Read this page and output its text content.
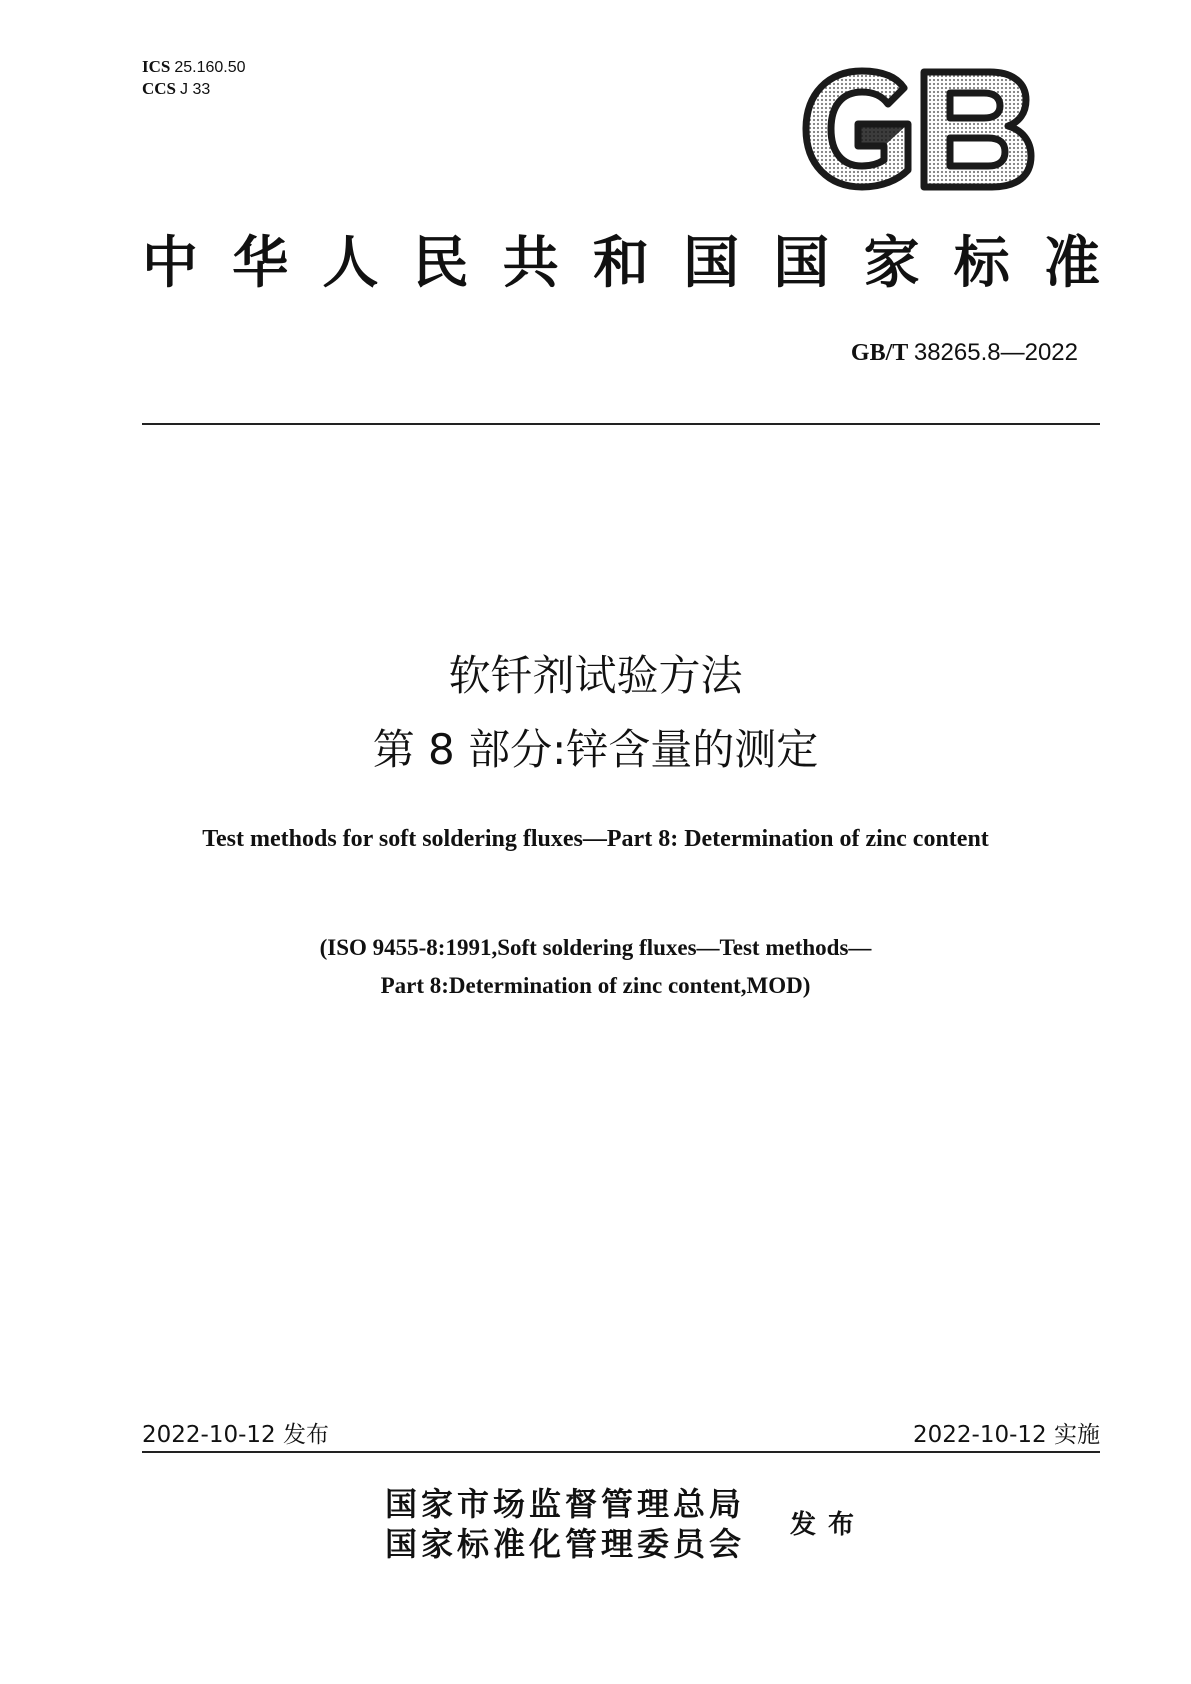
ICS 25.160.50
CCS J 33
中华人民共和国国家标准
GB/T 38265.8—2022
软钎剂试验方法
第 8 部分:锌含量的测定
Test methods for soft soldering fluxes—Part 8: Determination of zinc content
(ISO 9455-8:1991,Soft soldering fluxes—Test methods—
Part 8:Determination of zinc content,MOD)
2022-10-12 发布	2022-10-12 实施
国家市场监督管理总局
国家标准化管理委员会 发布
